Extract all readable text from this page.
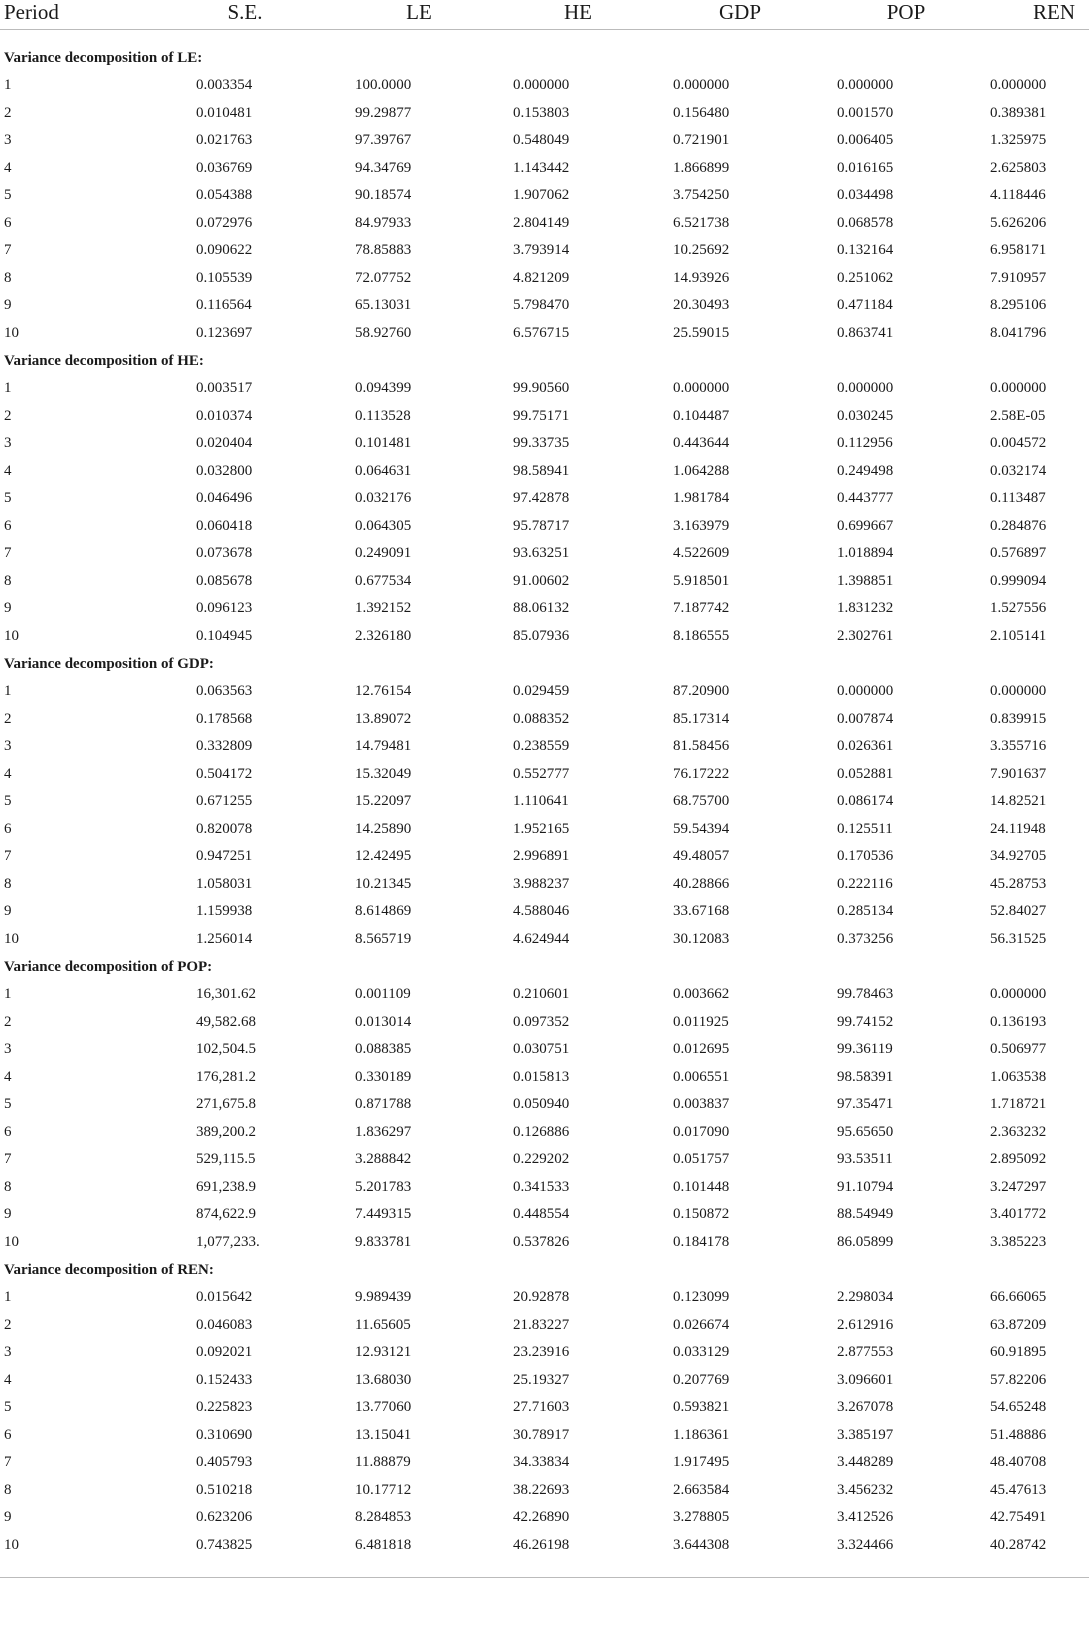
Period	S.E.	LE	HE	GDP	POP	REN

Variance decomposition of LE:						
1	0.003354	100.0000	0.000000	0.000000	0.000000	0.000000
2	0.010481	99.29877	0.153803	0.156480	0.001570	0.389381
3	0.021763	97.39767	0.548049	0.721901	0.006405	1.325975
4	0.036769	94.34769	1.143442	1.866899	0.016165	2.625803
5	0.054388	90.18574	1.907062	3.754250	0.034498	4.118446
6	0.072976	84.97933	2.804149	6.521738	0.068578	5.626206
7	0.090622	78.85883	3.793914	10.25692	0.132164	6.958171
8	0.105539	72.07752	4.821209	14.93926	0.251062	7.910957
9	0.116564	65.13031	5.798470	20.30493	0.471184	8.295106
10	0.123697	58.92760	6.576715	25.59015	0.863741	8.041796
Variance decomposition of HE:						
1	0.003517	0.094399	99.90560	0.000000	0.000000	0.000000
2	0.010374	0.113528	99.75171	0.104487	0.030245	2.58E-05
3	0.020404	0.101481	99.33735	0.443644	0.112956	0.004572
4	0.032800	0.064631	98.58941	1.064288	0.249498	0.032174
5	0.046496	0.032176	97.42878	1.981784	0.443777	0.113487
6	0.060418	0.064305	95.78717	3.163979	0.699667	0.284876
7	0.073678	0.249091	93.63251	4.522609	1.018894	0.576897
8	0.085678	0.677534	91.00602	5.918501	1.398851	0.999094
9	0.096123	1.392152	88.06132	7.187742	1.831232	1.527556
10	0.104945	2.326180	85.07936	8.186555	2.302761	2.105141
Variance decomposition of GDP:						
1	0.063563	12.76154	0.029459	87.20900	0.000000	0.000000
2	0.178568	13.89072	0.088352	85.17314	0.007874	0.839915
3	0.332809	14.79481	0.238559	81.58456	0.026361	3.355716
4	0.504172	15.32049	0.552777	76.17222	0.052881	7.901637
5	0.671255	15.22097	1.110641	68.75700	0.086174	14.82521
6	0.820078	14.25890	1.952165	59.54394	0.125511	24.11948
7	0.947251	12.42495	2.996891	49.48057	0.170536	34.92705
8	1.058031	10.21345	3.988237	40.28866	0.222116	45.28753
9	1.159938	8.614869	4.588046	33.67168	0.285134	52.84027
10	1.256014	8.565719	4.624944	30.12083	0.373256	56.31525
Variance decomposition of POP:						
1	16,301.62	0.001109	0.210601	0.003662	99.78463	0.000000
2	49,582.68	0.013014	0.097352	0.011925	99.74152	0.136193
3	102,504.5	0.088385	0.030751	0.012695	99.36119	0.506977
4	176,281.2	0.330189	0.015813	0.006551	98.58391	1.063538
5	271,675.8	0.871788	0.050940	0.003837	97.35471	1.718721
6	389,200.2	1.836297	0.126886	0.017090	95.65650	2.363232
7	529,115.5	3.288842	0.229202	0.051757	93.53511	2.895092
8	691,238.9	5.201783	0.341533	0.101448	91.10794	3.247297
9	874,622.9	7.449315	0.448554	0.150872	88.54949	3.401772
10	1,077,233.	9.833781	0.537826	0.184178	86.05899	3.385223
Variance decomposition of REN:						
1	0.015642	9.989439	20.92878	0.123099	2.298034	66.66065
2	0.046083	11.65605	21.83227	0.026674	2.612916	63.87209
3	0.092021	12.93121	23.23916	0.033129	2.877553	60.91895
4	0.152433	13.68030	25.19327	0.207769	3.096601	57.82206
5	0.225823	13.77060	27.71603	0.593821	3.267078	54.65248
6	0.310690	13.15041	30.78917	1.186361	3.385197	51.48886
7	0.405793	11.88879	34.33834	1.917495	3.448289	48.40708
8	0.510218	10.17712	38.22693	2.663584	3.456232	45.47613
9	0.623206	8.284853	42.26890	3.278805	3.412526	42.75491
10	0.743825	6.481818	46.26198	3.644308	3.324466	40.28742
